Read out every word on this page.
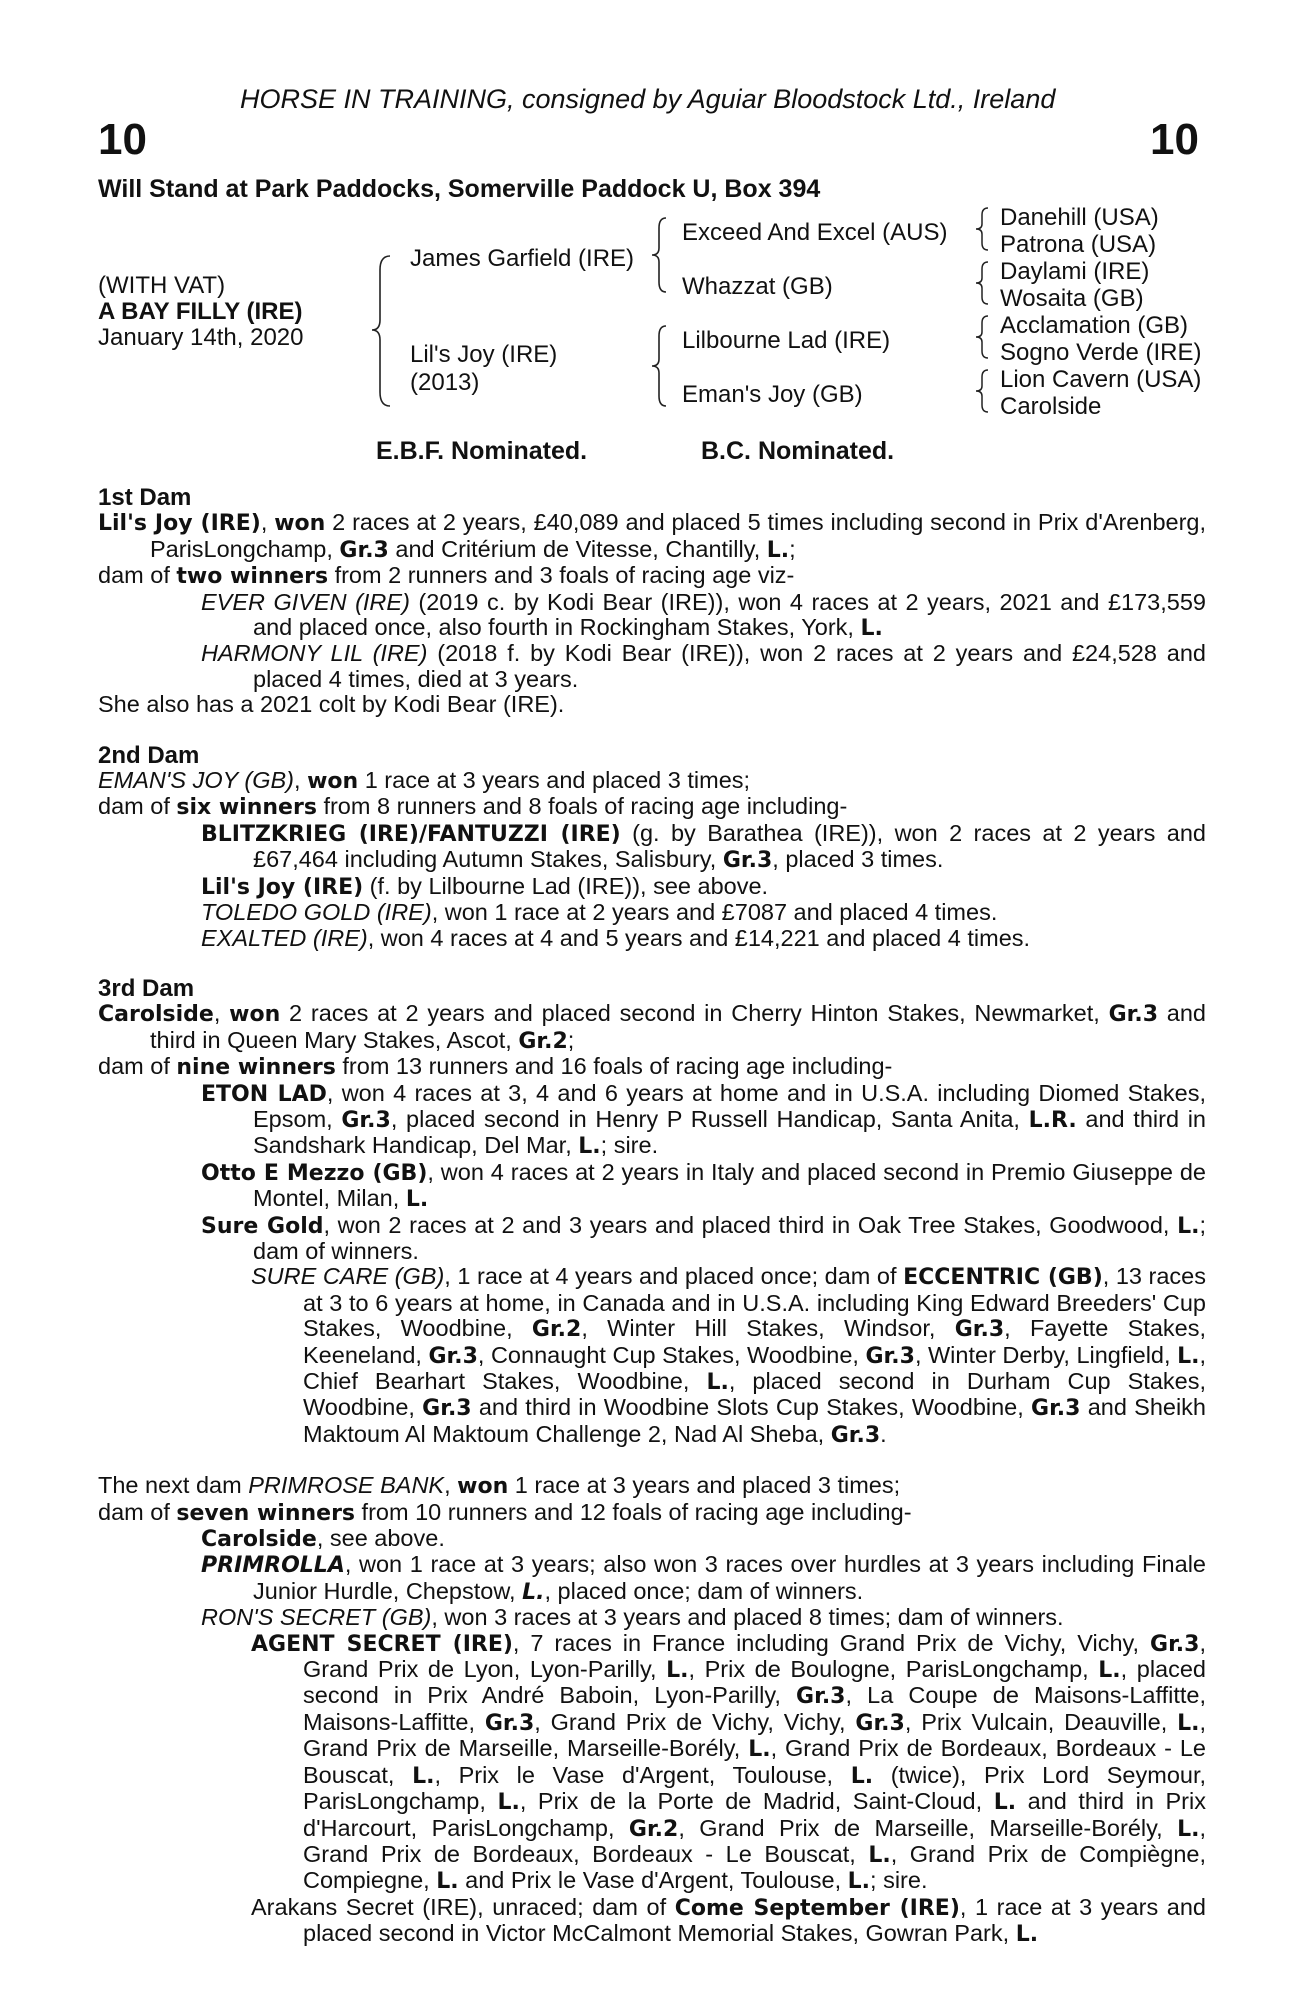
HORSE IN TRAINING, consigned by Aguiar Bloodstock Ltd., Ireland
10	10
Will Stand at Park Paddocks, Somerville Paddock U, Box 394
(WITH VAT)
A BAY FILLY (IRE)
January 14th, 2020
James Garfield (IRE)
Lil's Joy (IRE)
(2013)
Exceed And Excel (AUS)
Whazzat (GB)
Lilbourne Lad (IRE)
Eman's Joy (GB)
Danehill (USA)
Patrona (USA)
Daylami (IRE)
Wosaita (GB)
Acclamation (GB)
Sogno Verde (IRE)
Lion Cavern (USA)
Carolside
E.B.F. Nominated.	B.C. Nominated.

1st Dam

Lil's Joy (IRE), won 2 races at 2 years, £40,089 and placed 5 times including second in Prix d'Arenberg, ParisLongchamp, Gr.3 and Critérium de Vitesse, Chantilly, L.;

dam of two winners from 2 runners and 3 foals of racing age viz-

EVER GIVEN (IRE) (2019 c. by Kodi Bear (IRE)), won 4 races at 2 years, 2021 and £173,559 and placed once, also fourth in Rockingham Stakes, York, L.

HARMONY LIL (IRE) (2018 f. by Kodi Bear (IRE)), won 2 races at 2 years and £24,528 and placed 4 times, died at 3 years.

She also has a 2021 colt by Kodi Bear (IRE).

2nd Dam

EMAN'S JOY (GB), won 1 race at 3 years and placed 3 times;

dam of six winners from 8 runners and 8 foals of racing age including-

BLITZKRIEG (IRE)/FANTUZZI (IRE) (g. by Barathea (IRE)), won 2 races at 2 years and £67,464 including Autumn Stakes, Salisbury, Gr.3, placed 3 times.

Lil's Joy (IRE) (f. by Lilbourne Lad (IRE)), see above.

TOLEDO GOLD (IRE), won 1 race at 2 years and £7087 and placed 4 times.

EXALTED (IRE), won 4 races at 4 and 5 years and £14,221 and placed 4 times.

3rd Dam

Carolside, won 2 races at 2 years and placed second in Cherry Hinton Stakes, Newmarket, Gr.3 and third in Queen Mary Stakes, Ascot, Gr.2;

dam of nine winners from 13 runners and 16 foals of racing age including-

ETON LAD, won 4 races at 3, 4 and 6 years at home and in U.S.A. including Diomed Stakes, Epsom, Gr.3, placed second in Henry P Russell Handicap, Santa Anita, L.R. and third in Sandshark Handicap, Del Mar, L.; sire.

Otto E Mezzo (GB), won 4 races at 2 years in Italy and placed second in Premio Giuseppe de Montel, Milan, L.

Sure Gold, won 2 races at 2 and 3 years and placed third in Oak Tree Stakes, Goodwood, L.; dam of winners.

SURE CARE (GB), 1 race at 4 years and placed once; dam of ECCENTRIC (GB), 13 races at 3 to 6 years at home, in Canada and in U.S.A. including King Edward Breeders' Cup Stakes, Woodbine, Gr.2, Winter Hill Stakes, Windsor, Gr.3, Fayette Stakes, Keeneland, Gr.3, Connaught Cup Stakes, Woodbine, Gr.3, Winter Derby, Lingfield, L., Chief Bearhart Stakes, Woodbine, L., placed second in Durham Cup Stakes, Woodbine, Gr.3 and third in Woodbine Slots Cup Stakes, Woodbine, Gr.3 and Sheikh Maktoum Al Maktoum Challenge 2, Nad Al Sheba, Gr.3.

The next dam PRIMROSE BANK, won 1 race at 3 years and placed 3 times;

dam of seven winners from 10 runners and 12 foals of racing age including-

Carolside, see above.

PRIMROLLA, won 1 race at 3 years; also won 3 races over hurdles at 3 years including Finale Junior Hurdle, Chepstow, L., placed once; dam of winners.

RON'S SECRET (GB), won 3 races at 3 years and placed 8 times; dam of winners.

AGENT SECRET (IRE), 7 races in France including Grand Prix de Vichy, Vichy, Gr.3, Grand Prix de Lyon, Lyon-Parilly, L., Prix de Boulogne, ParisLongchamp, L., placed second in Prix André Baboin, Lyon-Parilly, Gr.3, La Coupe de Maisons-Laffitte, Maisons-Laffitte, Gr.3, Grand Prix de Vichy, Vichy, Gr.3, Prix Vulcain, Deauville, L., Grand Prix de Marseille, Marseille-Borély, L., Grand Prix de Bordeaux, Bordeaux - Le Bouscat, L., Prix le Vase d'Argent, Toulouse, L. (twice), Prix Lord Seymour, ParisLongchamp, L., Prix de la Porte de Madrid, Saint-Cloud, L. and third in Prix d'Harcourt, ParisLongchamp, Gr.2, Grand Prix de Marseille, Marseille-Borély, L., Grand Prix de Bordeaux, Bordeaux - Le Bouscat, L., Grand Prix de Compiègne, Compiegne, L. and Prix le Vase d'Argent, Toulouse, L.; sire.

Arakans Secret (IRE), unraced; dam of Come September (IRE), 1 race at 3 years and placed second in Victor McCalmont Memorial Stakes, Gowran Park, L.
